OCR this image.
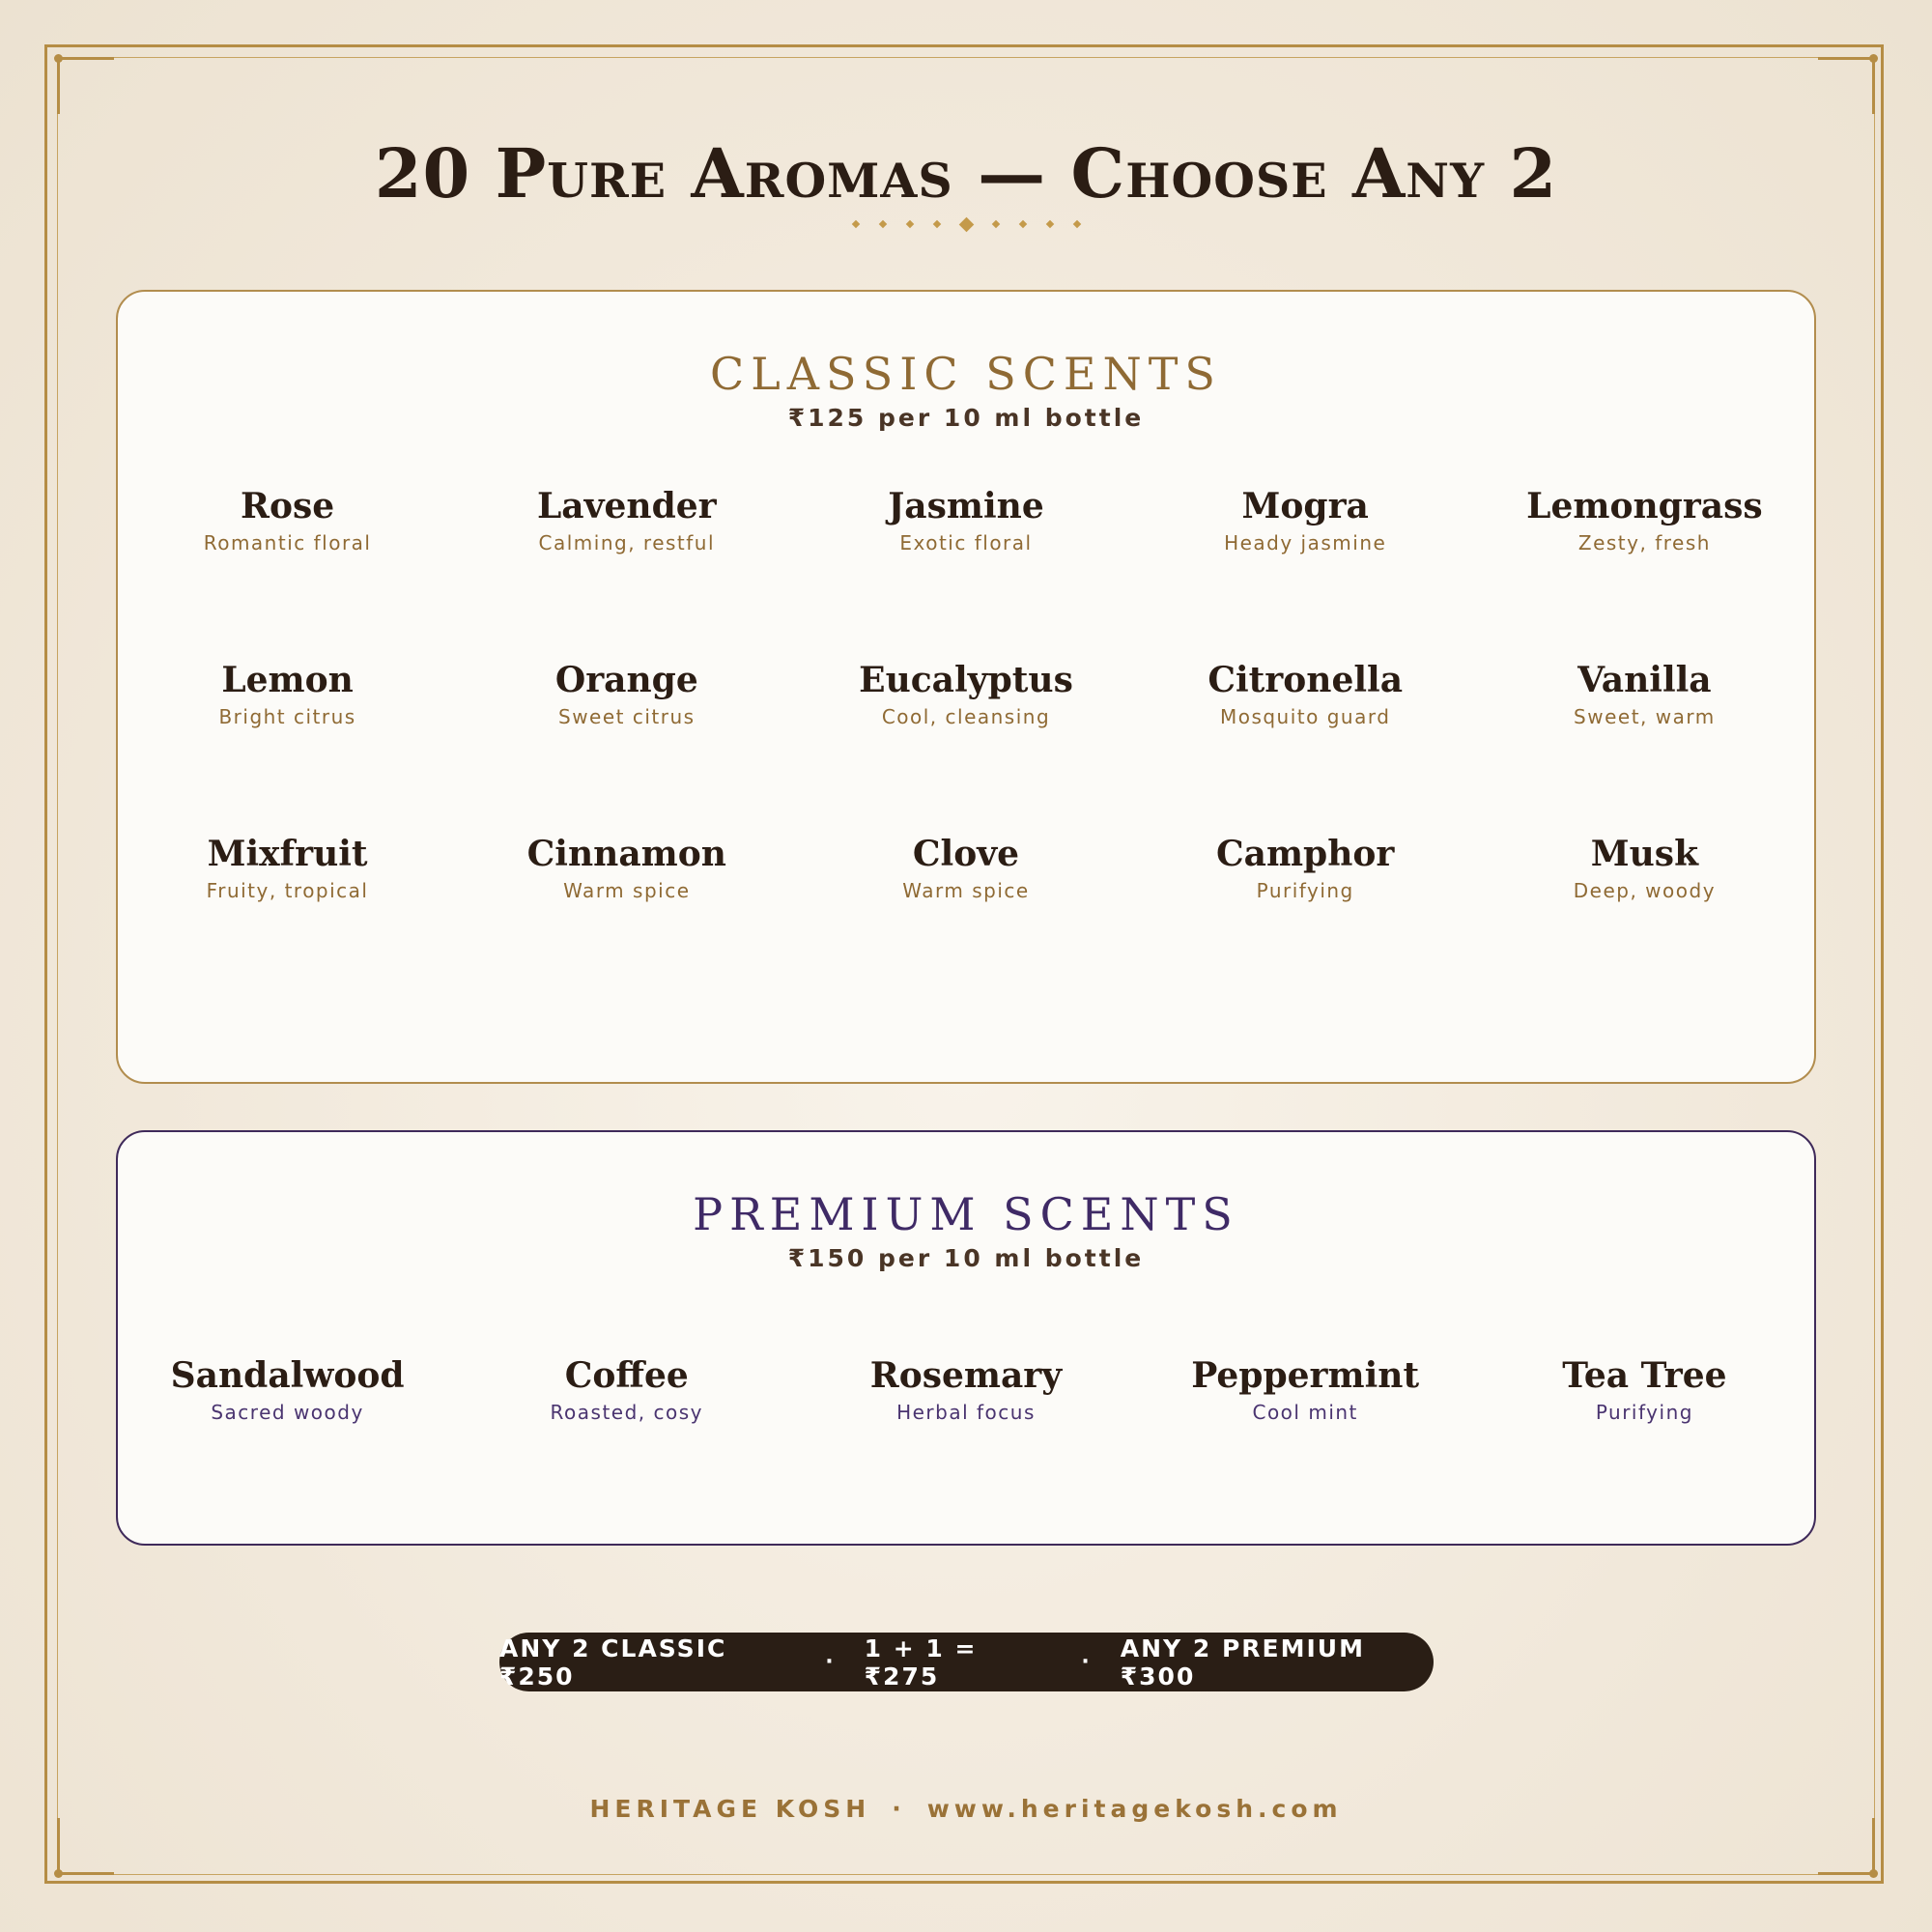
20 Pure Aromas — Choose Any 2
CLASSIC SCENTS
₹125 per 10 ml bottle
Rose
Romantic floral
Lavender
Calming, restful
Jasmine
Exotic floral
Mogra
Heady jasmine
Lemongrass
Zesty, fresh
Lemon
Bright citrus
Orange
Sweet citrus
Eucalyptus
Cool, cleansing
Citronella
Mosquito guard
Vanilla
Sweet, warm
Mixfruit
Fruity, tropical
Cinnamon
Warm spice
Clove
Warm spice
Camphor
Purifying
Musk
Deep, woody
PREMIUM SCENTS
₹150 per 10 ml bottle
Sandalwood
Sacred woody
Coffee
Roasted, cosy
Rosemary
Herbal focus
Peppermint
Cool mint
Tea Tree
Purifying
ANY 2 CLASSIC ₹250	· 1 + 1 = ₹275	· ANY 2 PREMIUM ₹300
HERITAGE KOSH · www.heritagekosh.com
